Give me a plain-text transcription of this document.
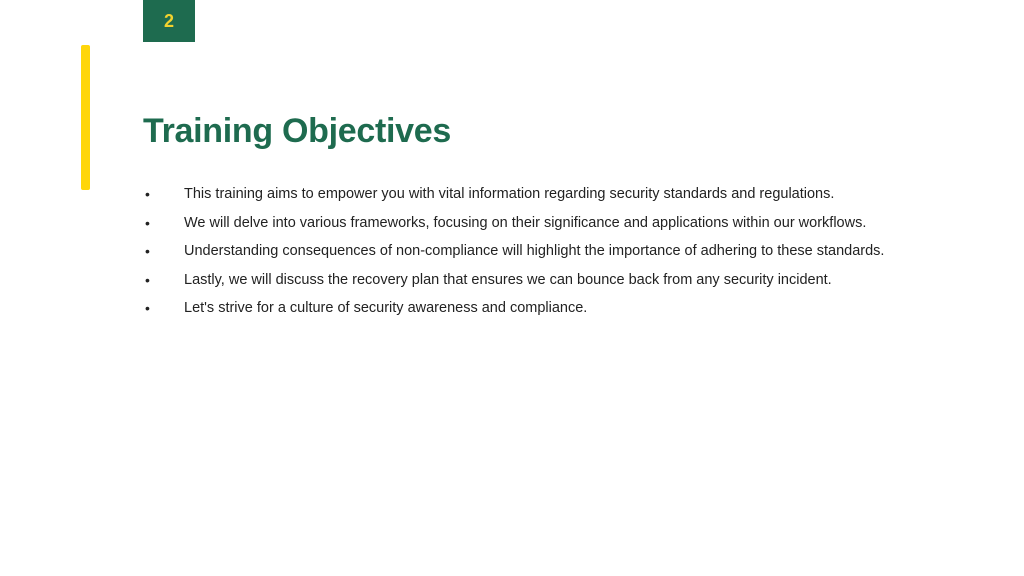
2
Training Objectives
• This training aims to empower you with vital information regarding security standards and regulations.
• We will delve into various frameworks, focusing on their significance and applications within our workflows.
• Understanding consequences of non-compliance will highlight the importance of adhering to these standards.
• Lastly, we will discuss the recovery plan that ensures we can bounce back from any security incident.
• Let's strive for a culture of security awareness and compliance.
